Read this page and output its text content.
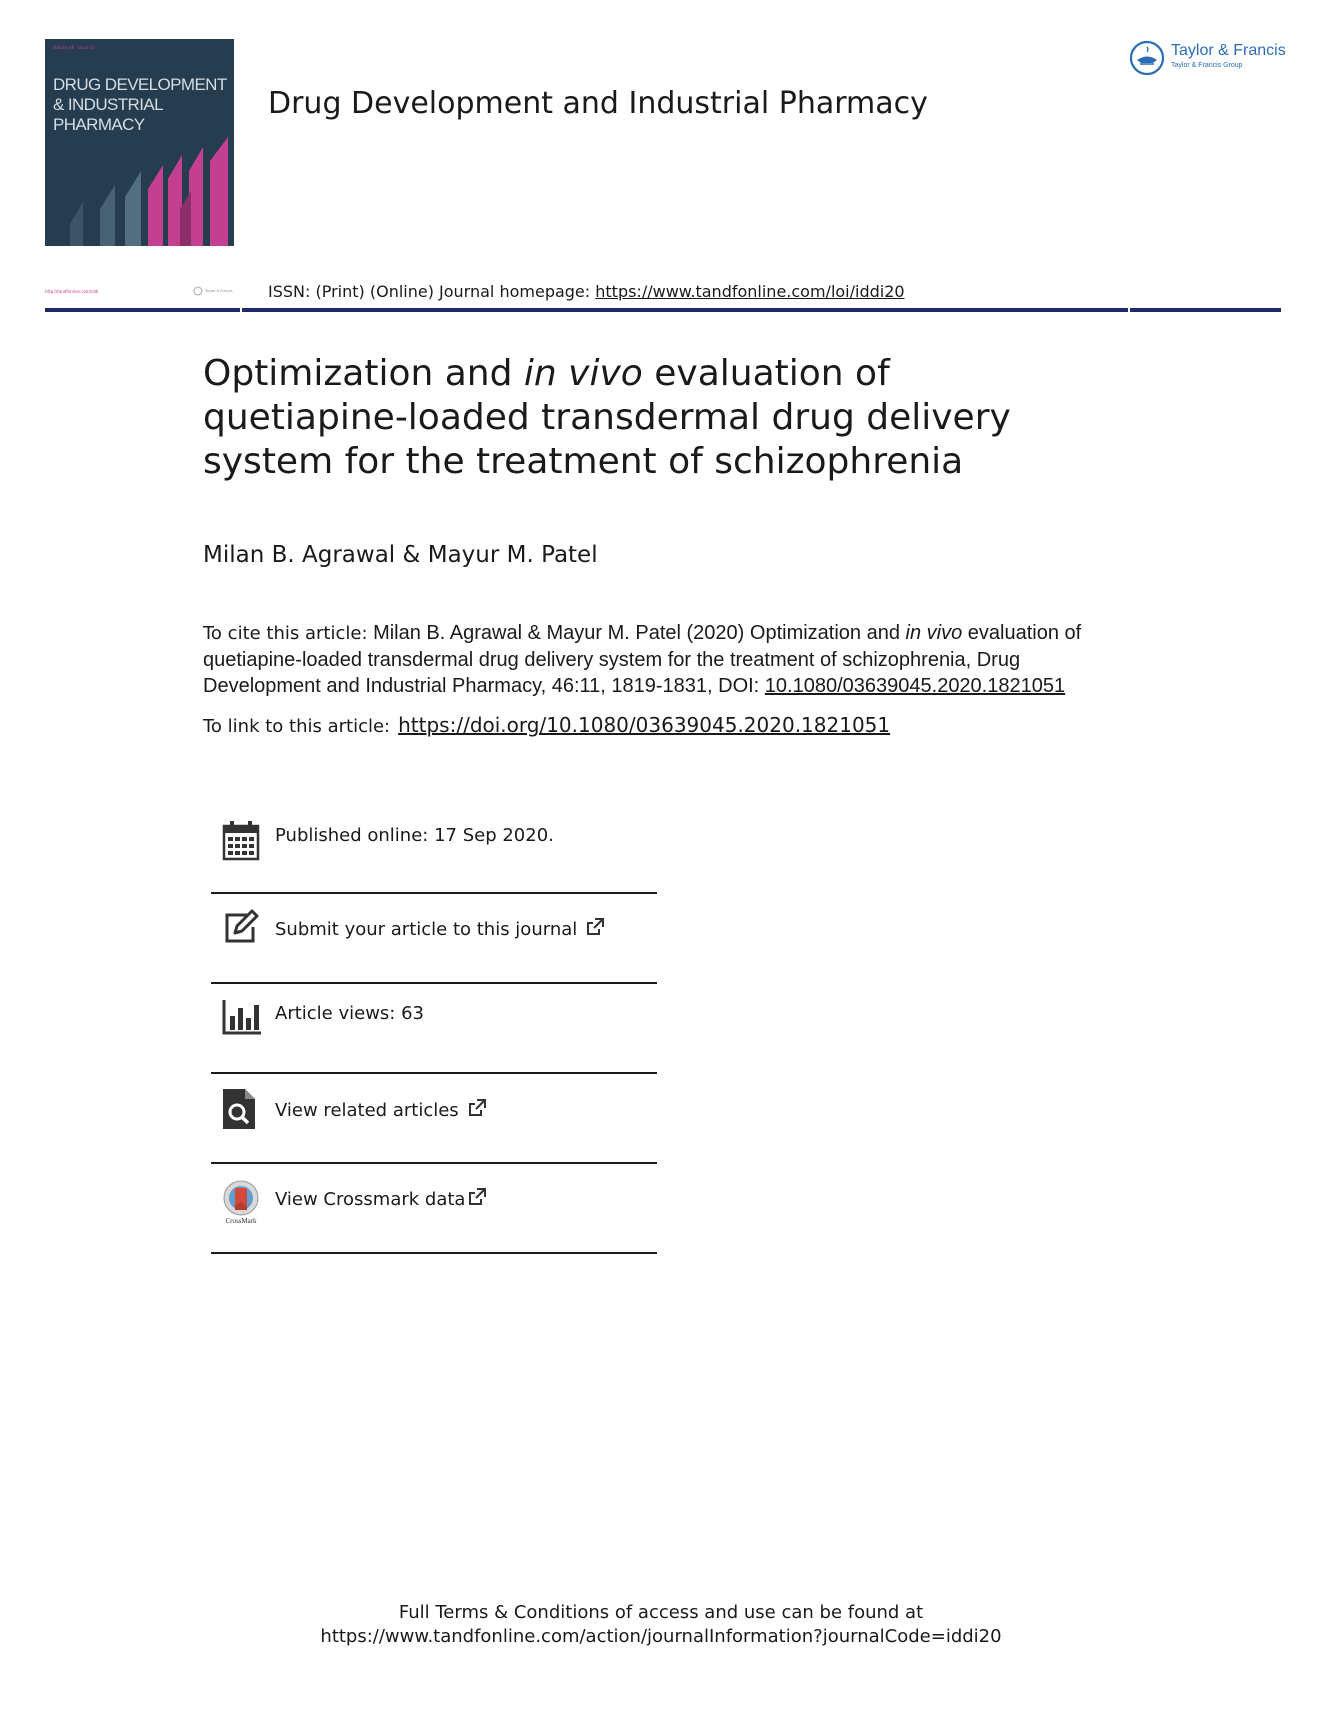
Volume 46 · Issue 11
DRUG DEVELOPMENT
& INDUSTRIAL
PHARMACY
Drug Development and Industrial Pharmacy
Taylor & Francis
Taylor & Francis Group
http://tandfonline.com/iddi	Taylor & Francis ISSN: (Print) (Online) Journal homepage: https://www.tandfonline.com/loi/iddi20
Optimization and in vivo evaluation of quetiapine-loaded transdermal drug delivery system for the treatment of schizophrenia
Milan B. Agrawal & Mayur M. Patel
To cite this article: Milan B. Agrawal & Mayur M. Patel (2020) Optimization and in vivo evaluation of quetiapine-loaded transdermal drug delivery system for the treatment of schizophrenia, Drug Development and Industrial Pharmacy, 46:11, 1819-1831, DOI: 10.1080/03639045.2020.1821051
To link to this article: https://doi.org/10.1080/03639045.2020.1821051
Published online: 17 Sep 2020.
Submit your article to this journal
Article views: 63
View related articles
CrossMark
View Crossmark data
Full Terms & Conditions of access and use can be found at
https://www.tandfonline.com/action/journalInformation?journalCode=iddi20
